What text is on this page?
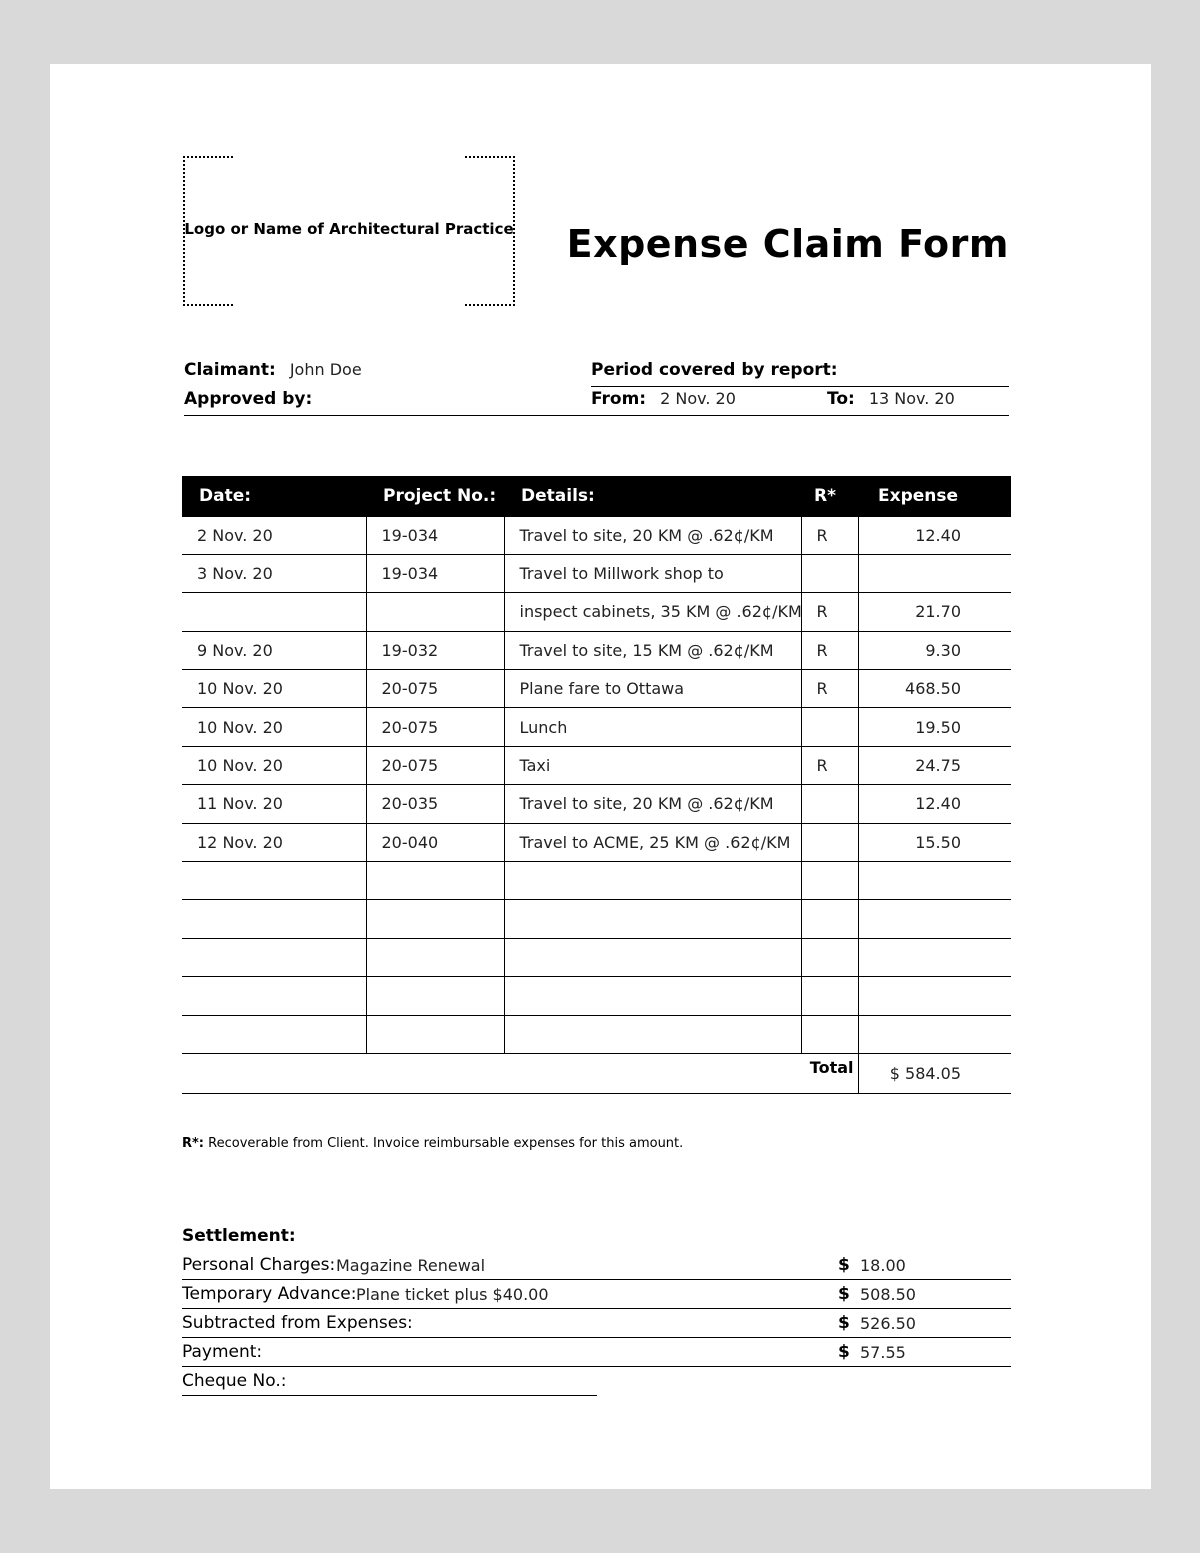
Logo or Name of Architectural Practice Expense Claim Form
Claimant: John Doe	Period covered by report:
Approved by:	From: 2 Nov. 20	To: 13 Nov. 20
Date:	Project No.:	Details:	R*	Expense
2 Nov. 20	19-034	Travel to site, 20 KM @ .62¢/KM	R	12.40
3 Nov. 20	19-034	Travel to Millwork shop to		
		inspect cabinets, 35 KM @ .62¢/KM	R	21.70
9 Nov. 20	19-032	Travel to site, 15 KM @ .62¢/KM	R	9.30
10 Nov. 20	20-075	Plane fare to Ottawa	R	468.50
10 Nov. 20	20-075	Lunch		19.50
10 Nov. 20	20-075	Taxi	R	24.75
11 Nov. 20	20-035	Travel to site, 20 KM @ .62¢/KM		12.40
12 Nov. 20	20-040	Travel to ACME, 25 KM @ .62¢/KM		15.50

Total				$ 584.05
R*: Recoverable from Client. Invoice reimbursable expenses for this amount.
Settlement:
Personal Charges: Magazine Renewal	$ 18.00
Temporary Advance: Plane ticket plus $40.00	$ 508.50
Subtracted from Expenses:	$ 526.50
Payment:	$ 57.55
Cheque No.:
